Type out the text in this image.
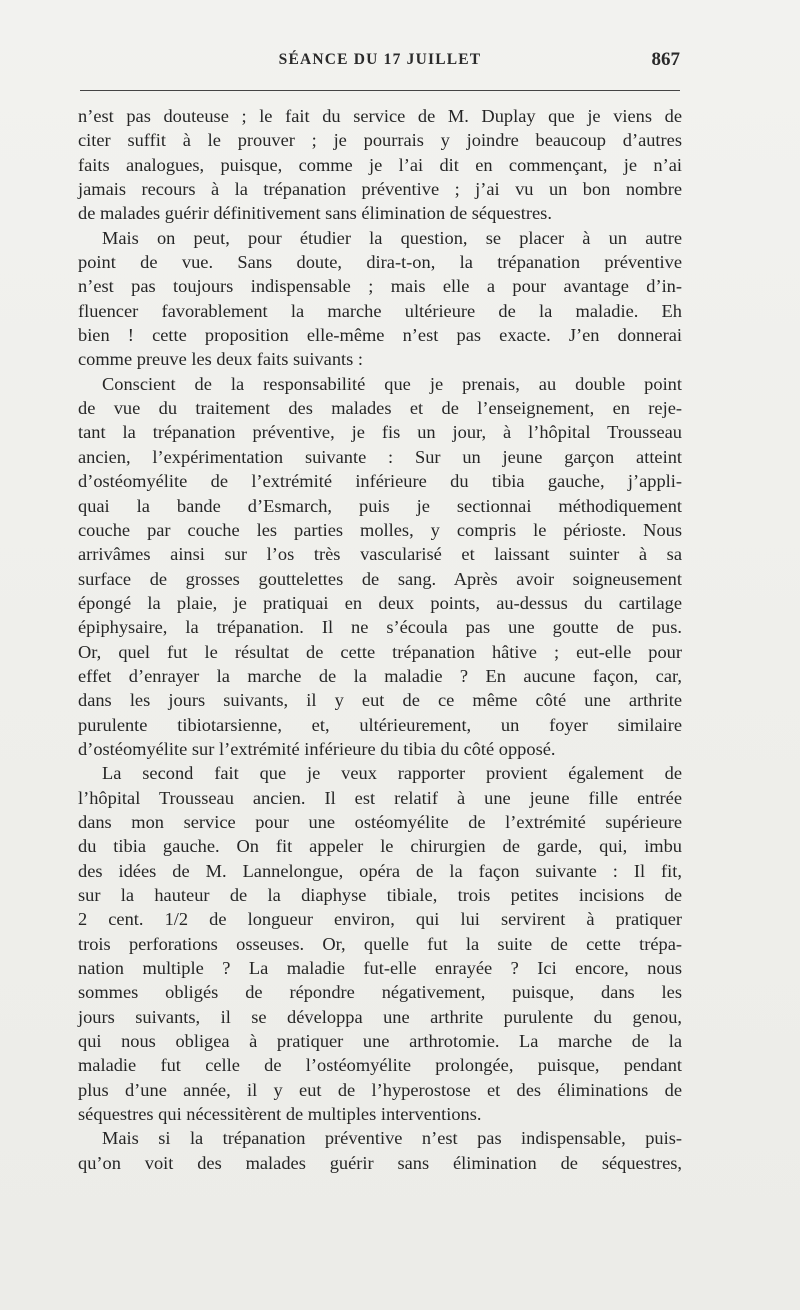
SÉANCE DU 17 JUILLET	867
n’est pas douteuse ; le fait du service de M. Duplay que je viens de
citer suffit à le prouver ; je pourrais y joindre beaucoup d’autres
faits analogues, puisque, comme je l’ai dit en commençant, je n’ai
jamais recours à la trépanation préventive ; j’ai vu un bon nombre
de malades guérir définitivement sans élimination de séquestres.
Mais on peut, pour étudier la question, se placer à un autre
point de vue. Sans doute, dira-t-on, la trépanation préventive
n’est pas toujours indispensable ; mais elle a pour avantage d’in-
fluencer favorablement la marche ultérieure de la maladie. Eh
bien ! cette proposition elle-même n’est pas exacte. J’en donnerai
comme preuve les deux faits suivants :
Conscient de la responsabilité que je prenais, au double point
de vue du traitement des malades et de l’enseignement, en reje-
tant la trépanation préventive, je fis un jour, à l’hôpital Trousseau
ancien, l’expérimentation suivante : Sur un jeune garçon atteint
d’ostéomyélite de l’extrémité inférieure du tibia gauche, j’appli-
quai la bande d’Esmarch, puis je sectionnai méthodiquement
couche par couche les parties molles, y compris le périoste. Nous
arrivâmes ainsi sur l’os très vascularisé et laissant suinter à sa
surface de grosses gouttelettes de sang. Après avoir soigneusement
épongé la plaie, je pratiquai en deux points, au-dessus du cartilage
épiphysaire, la trépanation. Il ne s’écoula pas une goutte de pus.
Or, quel fut le résultat de cette trépanation hâtive ; eut-elle pour
effet d’enrayer la marche de la maladie ? En aucune façon, car,
dans les jours suivants, il y eut de ce même côté une arthrite
purulente tibiotarsienne, et, ultérieurement, un foyer similaire
d’ostéomyélite sur l’extrémité inférieure du tibia du côté opposé.
La second fait que je veux rapporter provient également de
l’hôpital Trousseau ancien. Il est relatif à une jeune fille entrée
dans mon service pour une ostéomyélite de l’extrémité supérieure
du tibia gauche. On fit appeler le chirurgien de garde, qui, imbu
des idées de M. Lannelongue, opéra de la façon suivante : Il fit,
sur la hauteur de la diaphyse tibiale, trois petites incisions de
2 cent. 1/2 de longueur environ, qui lui servirent à pratiquer
trois perforations osseuses. Or, quelle fut la suite de cette trépa-
nation multiple ? La maladie fut-elle enrayée ? Ici encore, nous
sommes obligés de répondre négativement, puisque, dans les
jours suivants, il se développa une arthrite purulente du genou,
qui nous obligea à pratiquer une arthrotomie. La marche de la
maladie fut celle de l’ostéomyélite prolongée, puisque, pendant
plus d’une année, il y eut de l’hyperostose et des éliminations de
séquestres qui nécessitèrent de multiples interventions.
Mais si la trépanation préventive n’est pas indispensable, puis-
qu’on voit des malades guérir sans élimination de séquestres,
